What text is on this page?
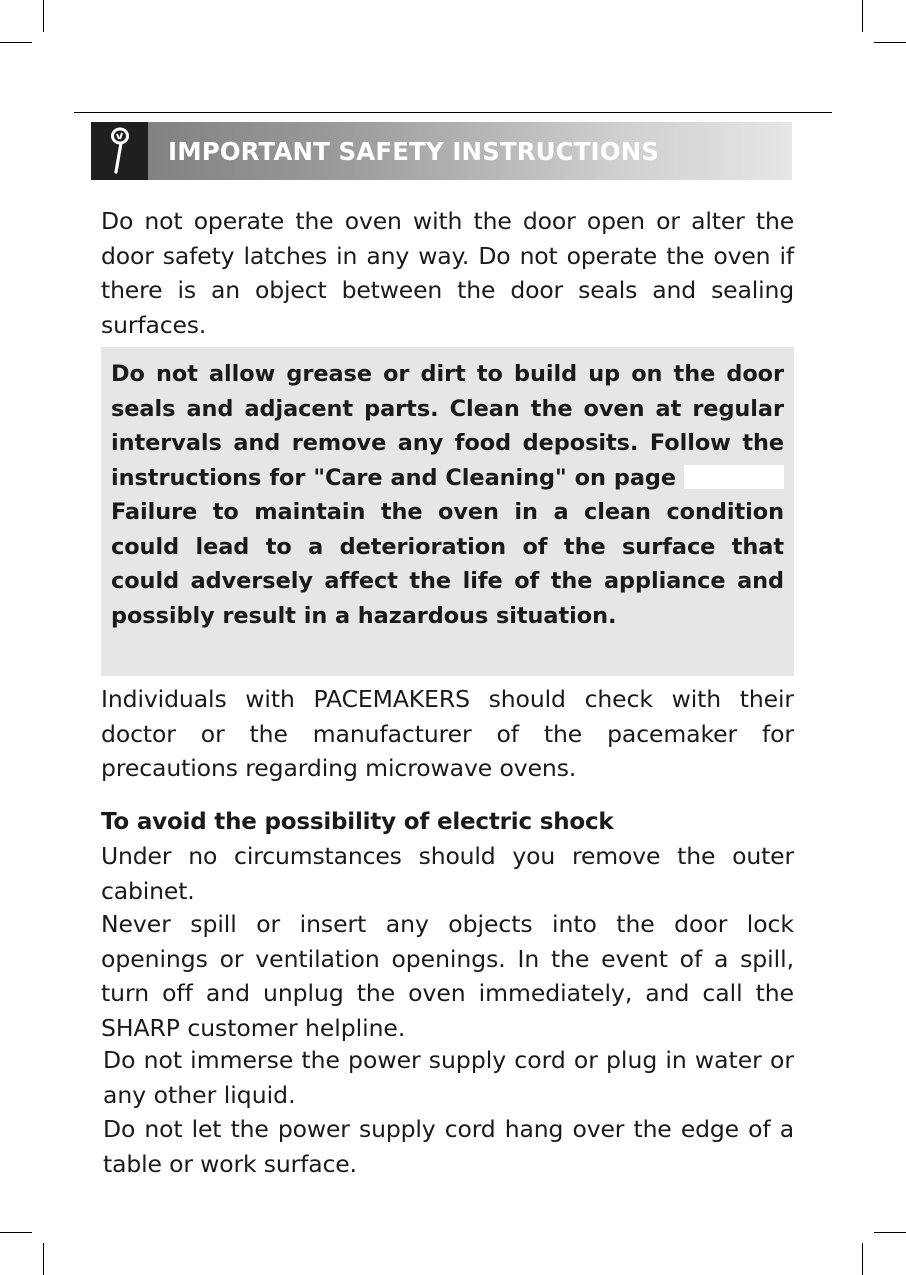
IMPORTANT SAFETY INSTRUCTIONS

Do not operate the oven with the door open or alter the door safety latches in any way. Do not operate the oven if there is an object between the door seals and sealing surfaces.

Do not allow grease or dirt to build up on the door seals and adjacent parts. Clean the oven at regular intervals and remove any food deposits. Follow the instructions for "Care and Cleaning" on page  Failure to maintain the oven in a clean condition could lead to a deterioration of the surface that could adversely affect the life of the appliance and possibly result in a hazardous situation.

Individuals with PACEMAKERS should check with their doctor or the manufacturer of the pacemaker for precautions regarding microwave ovens.

To avoid the possibility of electric shock

Under no circumstances should you remove the outer cabinet.

Never spill or insert any objects into the door lock openings or ventilation openings. In the event of a spill, turn off and unplug the oven immediately, and call the SHARP customer helpline.

Do not immerse the power supply cord or plug in water or any other liquid.

Do not let the power supply cord hang over the edge of a table or work surface.
